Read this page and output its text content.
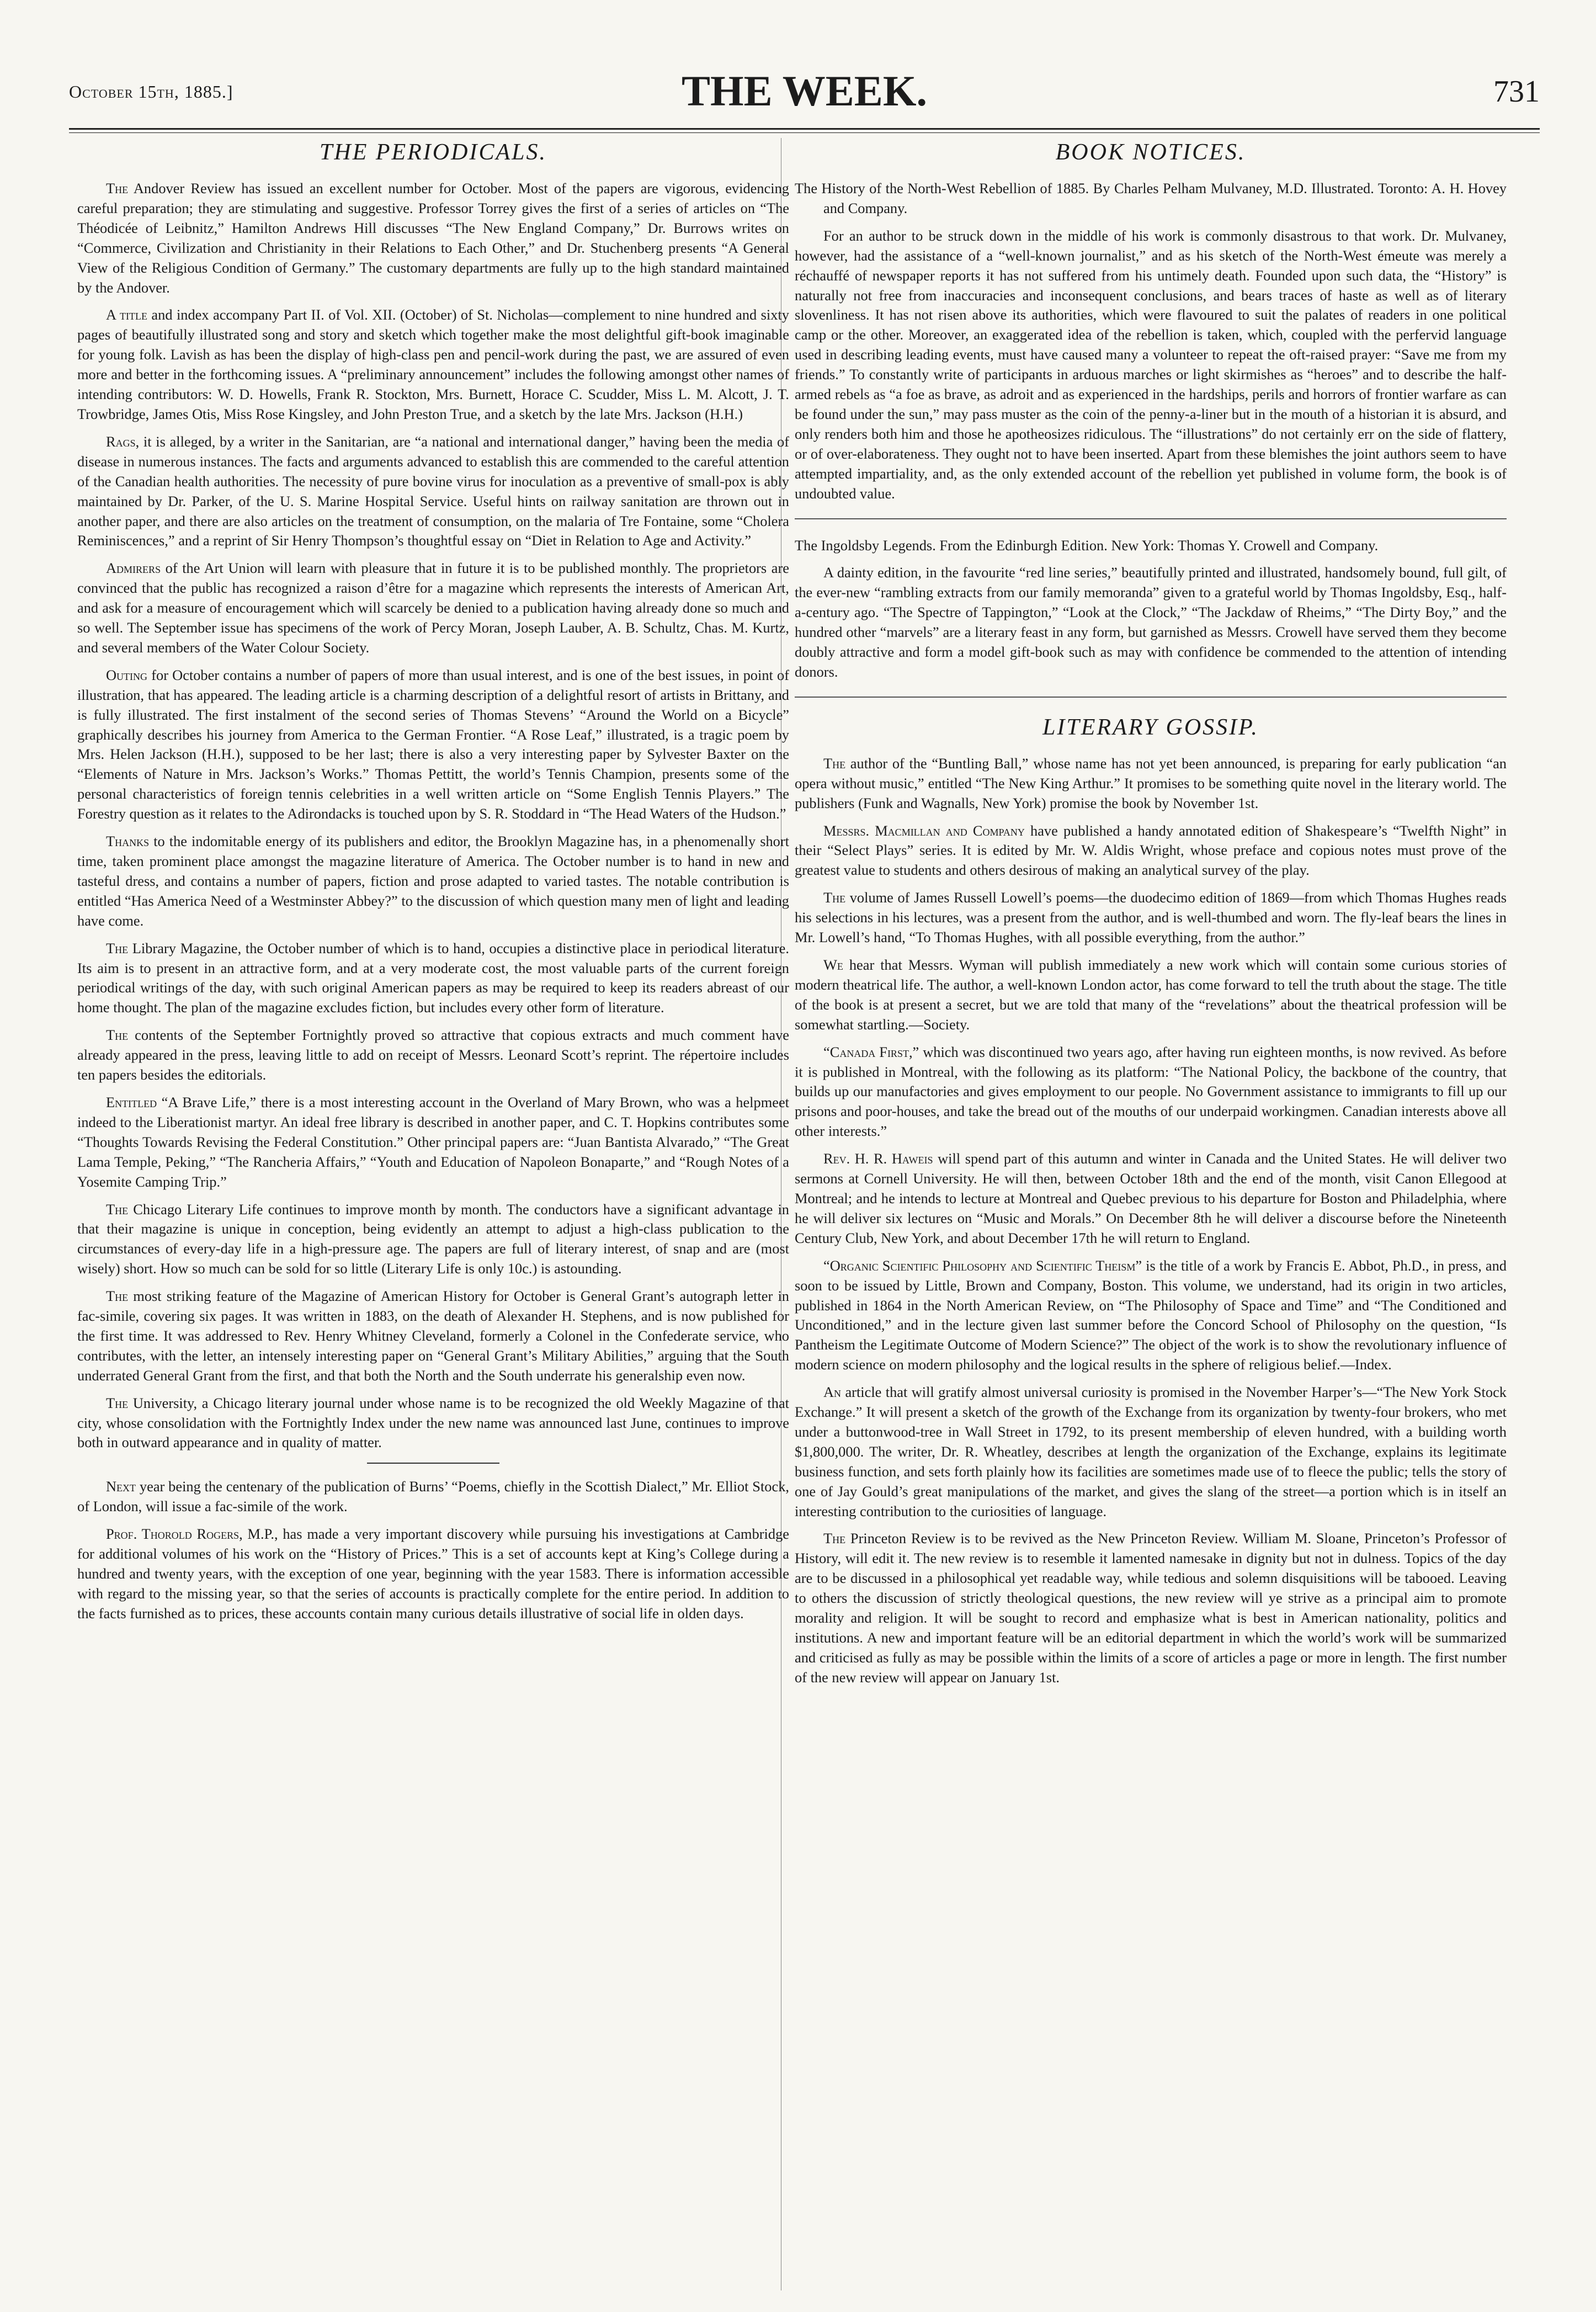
October 15th, 1885.]	THE WEEK.	731
THE PERIODICALS.

The Andover Review has issued an excellent number for October. Most of the papers are vigorous, evidencing careful preparation; they are stimulating and suggestive. Professor Torrey gives the first of a series of articles on “The Théodicée of Leibnitz,” Hamilton Andrews Hill discusses “The New England Company,” Dr. Burrows writes on “Commerce, Civilization and Christianity in their Relations to Each Other,” and Dr. Stuchenberg presents “A General View of the Religious Condition of Germany.” The customary departments are fully up to the high standard maintained by the Andover.

A title and index accompany Part II. of Vol. XII. (October) of St. Nicholas—complement to nine hundred and sixty pages of beautifully illustrated song and story and sketch which together make the most delightful gift-book imaginable for young folk. Lavish as has been the display of high-class pen and pencil-work during the past, we are assured of even more and better in the forthcoming issues. A “preliminary announcement” includes the following amongst other names of intending contributors: W. D. Howells, Frank R. Stockton, Mrs. Burnett, Horace C. Scudder, Miss L. M. Alcott, J. T. Trowbridge, James Otis, Miss Rose Kingsley, and John Preston True, and a sketch by the late Mrs. Jackson (H.H.)

Rags, it is alleged, by a writer in the Sanitarian, are “a national and international danger,” having been the media of disease in numerous instances. The facts and arguments advanced to establish this are commended to the careful attention of the Canadian health authorities. The necessity of pure bovine virus for inoculation as a preventive of small-pox is ably maintained by Dr. Parker, of the U. S. Marine Hospital Service. Useful hints on railway sanitation are thrown out in another paper, and there are also articles on the treatment of consumption, on the malaria of Tre Fontaine, some “Cholera Reminiscences,” and a reprint of Sir Henry Thompson’s thoughtful essay on “Diet in Relation to Age and Activity.”

Admirers of the Art Union will learn with pleasure that in future it is to be published monthly. The proprietors are convinced that the public has recognized a raison d’être for a magazine which represents the interests of American Art, and ask for a measure of encouragement which will scarcely be denied to a publication having already done so much and so well. The September issue has specimens of the work of Percy Moran, Joseph Lauber, A. B. Schultz, Chas. M. Kurtz, and several members of the Water Colour Society.

Outing for October contains a number of papers of more than usual interest, and is one of the best issues, in point of illustration, that has appeared. The leading article is a charming description of a delightful resort of artists in Brittany, and is fully illustrated. The first instalment of the second series of Thomas Stevens’ “Around the World on a Bicycle” graphically describes his journey from America to the German Frontier. “A Rose Leaf,” illustrated, is a tragic poem by Mrs. Helen Jackson (H.H.), supposed to be her last; there is also a very interesting paper by Sylvester Baxter on the “Elements of Nature in Mrs. Jackson’s Works.” Thomas Pettitt, the world’s Tennis Champion, presents some of the personal characteristics of foreign tennis celebrities in a well written article on “Some English Tennis Players.” The Forestry question as it relates to the Adirondacks is touched upon by S. R. Stoddard in “The Head Waters of the Hudson.”

Thanks to the indomitable energy of its publishers and editor, the Brooklyn Magazine has, in a phenomenally short time, taken prominent place amongst the magazine literature of America. The October number is to hand in new and tasteful dress, and contains a number of papers, fiction and prose adapted to varied tastes. The notable contribution is entitled “Has America Need of a Westminster Abbey?” to the discussion of which question many men of light and leading have come.

The Library Magazine, the October number of which is to hand, occupies a distinctive place in periodical literature. Its aim is to present in an attractive form, and at a very moderate cost, the most valuable parts of the current foreign periodical writings of the day, with such original American papers as may be required to keep its readers abreast of our home thought. The plan of the magazine excludes fiction, but includes every other form of literature.

The contents of the September Fortnightly proved so attractive that copious extracts and much comment have already appeared in the press, leaving little to add on receipt of Messrs. Leonard Scott’s reprint. The répertoire includes ten papers besides the editorials.

Entitled “A Brave Life,” there is a most interesting account in the Overland of Mary Brown, who was a helpmeet indeed to the Liberationist martyr. An ideal free library is described in another paper, and C. T. Hopkins contributes some “Thoughts Towards Revising the Federal Constitution.” Other principal papers are: “Juan Bantista Alvarado,” “The Great Lama Temple, Peking,” “The Rancheria Affairs,” “Youth and Education of Napoleon Bonaparte,” and “Rough Notes of a Yosemite Camping Trip.”

The Chicago Literary Life continues to improve month by month. The conductors have a significant advantage in that their magazine is unique in conception, being evidently an attempt to adjust a high-class publication to the circumstances of every-day life in a high-pressure age. The papers are full of literary interest, of snap and are (most wisely) short. How so much can be sold for so little (Literary Life is only 10c.) is astounding.

The most striking feature of the Magazine of American History for October is General Grant’s autograph letter in fac-simile, covering six pages. It was written in 1883, on the death of Alexander H. Stephens, and is now published for the first time. It was addressed to Rev. Henry Whitney Cleveland, formerly a Colonel in the Confederate service, who contributes, with the letter, an intensely interesting paper on “General Grant’s Military Abilities,” arguing that the South underrated General Grant from the first, and that both the North and the South underrate his generalship even now.

The University, a Chicago literary journal under whose name is to be recognized the old Weekly Magazine of that city, whose consolidation with the Fortnightly Index under the new name was announced last June, continues to improve both in outward appearance and in quality of matter.

Next year being the centenary of the publication of Burns’ “Poems, chiefly in the Scottish Dialect,” Mr. Elliot Stock, of London, will issue a fac-simile of the work.

Prof. Thorold Rogers, M.P., has made a very important discovery while pursuing his investigations at Cambridge for additional volumes of his work on the “History of Prices.” This is a set of accounts kept at King’s College during a hundred and twenty years, with the exception of one year, beginning with the year 1583. There is information accessible with regard to the missing year, so that the series of accounts is practically complete for the entire period. In addition to the facts furnished as to prices, these accounts contain many curious details illustrative of social life in olden days.

BOOK NOTICES.

The History of the North-West Rebellion of 1885. By Charles Pelham Mulvaney, M.D. Illustrated. Toronto: A. H. Hovey and Company.

For an author to be struck down in the middle of his work is commonly disastrous to that work. Dr. Mulvaney, however, had the assistance of a “well-known journalist,” and as his sketch of the North-West émeute was merely a réchauffé of newspaper reports it has not suffered from his untimely death. Founded upon such data, the “History” is naturally not free from inaccuracies and inconsequent conclusions, and bears traces of haste as well as of literary slovenliness. It has not risen above its authorities, which were flavoured to suit the palates of readers in one political camp or the other. Moreover, an exaggerated idea of the rebellion is taken, which, coupled with the perfervid language used in describing leading events, must have caused many a volunteer to repeat the oft-raised prayer: “Save me from my friends.” To constantly write of participants in arduous marches or light skirmishes as “heroes” and to describe the half-armed rebels as “a foe as brave, as adroit and as experienced in the hardships, perils and horrors of frontier warfare as can be found under the sun,” may pass muster as the coin of the penny-a-liner but in the mouth of a historian it is absurd, and only renders both him and those he apotheosizes ridiculous. The “illustrations” do not certainly err on the side of flattery, or of over-elaborateness. They ought not to have been inserted. Apart from these blemishes the joint authors seem to have attempted impartiality, and, as the only extended account of the rebellion yet published in volume form, the book is of undoubted value.

The Ingoldsby Legends. From the Edinburgh Edition. New York: Thomas Y. Crowell and Company.

A dainty edition, in the favourite “red line series,” beautifully printed and illustrated, handsomely bound, full gilt, of the ever-new “rambling extracts from our family memoranda” given to a grateful world by Thomas Ingoldsby, Esq., half-a-century ago. “The Spectre of Tappington,” “Look at the Clock,” “The Jackdaw of Rheims,” “The Dirty Boy,” and the hundred other “marvels” are a literary feast in any form, but garnished as Messrs. Crowell have served them they become doubly attractive and form a model gift-book such as may with confidence be commended to the attention of intending donors.

LITERARY GOSSIP.

The author of the “Buntling Ball,” whose name has not yet been announced, is preparing for early publication “an opera without music,” entitled “The New King Arthur.” It promises to be something quite novel in the literary world. The publishers (Funk and Wagnalls, New York) promise the book by November 1st.

Messrs. Macmillan and Company have published a handy annotated edition of Shakespeare’s “Twelfth Night” in their “Select Plays” series. It is edited by Mr. W. Aldis Wright, whose preface and copious notes must prove of the greatest value to students and others desirous of making an analytical survey of the play.

The volume of James Russell Lowell’s poems—the duodecimo edition of 1869—from which Thomas Hughes reads his selections in his lectures, was a present from the author, and is well-thumbed and worn. The fly-leaf bears the lines in Mr. Lowell’s hand, “To Thomas Hughes, with all possible everything, from the author.”

We hear that Messrs. Wyman will publish immediately a new work which will contain some curious stories of modern theatrical life. The author, a well-known London actor, has come forward to tell the truth about the stage. The title of the book is at present a secret, but we are told that many of the “revelations” about the theatrical profession will be somewhat startling.—Society.

“Canada First,” which was discontinued two years ago, after having run eighteen months, is now revived. As before it is published in Montreal, with the following as its platform: “The National Policy, the backbone of the country, that builds up our manufactories and gives employment to our people. No Government assistance to immigrants to fill up our prisons and poor-houses, and take the bread out of the mouths of our underpaid workingmen. Canadian interests above all other interests.”

Rev. H. R. Haweis will spend part of this autumn and winter in Canada and the United States. He will deliver two sermons at Cornell University. He will then, between October 18th and the end of the month, visit Canon Ellegood at Montreal; and he intends to lecture at Montreal and Quebec previous to his departure for Boston and Philadelphia, where he will deliver six lectures on “Music and Morals.” On December 8th he will deliver a discourse before the Nineteenth Century Club, New York, and about December 17th he will return to England.

“Organic Scientific Philosophy and Scientific Theism” is the title of a work by Francis E. Abbot, Ph.D., in press, and soon to be issued by Little, Brown and Company, Boston. This volume, we understand, had its origin in two articles, published in 1864 in the North American Review, on “The Philosophy of Space and Time” and “The Conditioned and Unconditioned,” and in the lecture given last summer before the Concord School of Philosophy on the question, “Is Pantheism the Legitimate Outcome of Modern Science?” The object of the work is to show the revolutionary influence of modern science on modern philosophy and the logical results in the sphere of religious belief.—Index.

An article that will gratify almost universal curiosity is promised in the November Harper’s—“The New York Stock Exchange.” It will present a sketch of the growth of the Exchange from its organization by twenty-four brokers, who met under a buttonwood-tree in Wall Street in 1792, to its present membership of eleven hundred, with a building worth $1,800,000. The writer, Dr. R. Wheatley, describes at length the organization of the Exchange, explains its legitimate business function, and sets forth plainly how its facilities are sometimes made use of to fleece the public; tells the story of one of Jay Gould’s great manipulations of the market, and gives the slang of the street—a portion which is in itself an interesting contribution to the curiosities of language.

The Princeton Review is to be revived as the New Princeton Review. William M. Sloane, Princeton’s Professor of History, will edit it. The new review is to resemble it lamented namesake in dignity but not in dulness. Topics of the day are to be discussed in a philosophical yet readable way, while tedious and solemn disquisitions will be tabooed. Leaving to others the discussion of strictly theological questions, the new review will ye strive as a principal aim to promote morality and religion. It will be sought to record and emphasize what is best in American nationality, politics and institutions. A new and important feature will be an editorial department in which the world’s work will be summarized and criticised as fully as may be possible within the limits of a score of articles a page or more in length. The first number of the new review will appear on January 1st.
